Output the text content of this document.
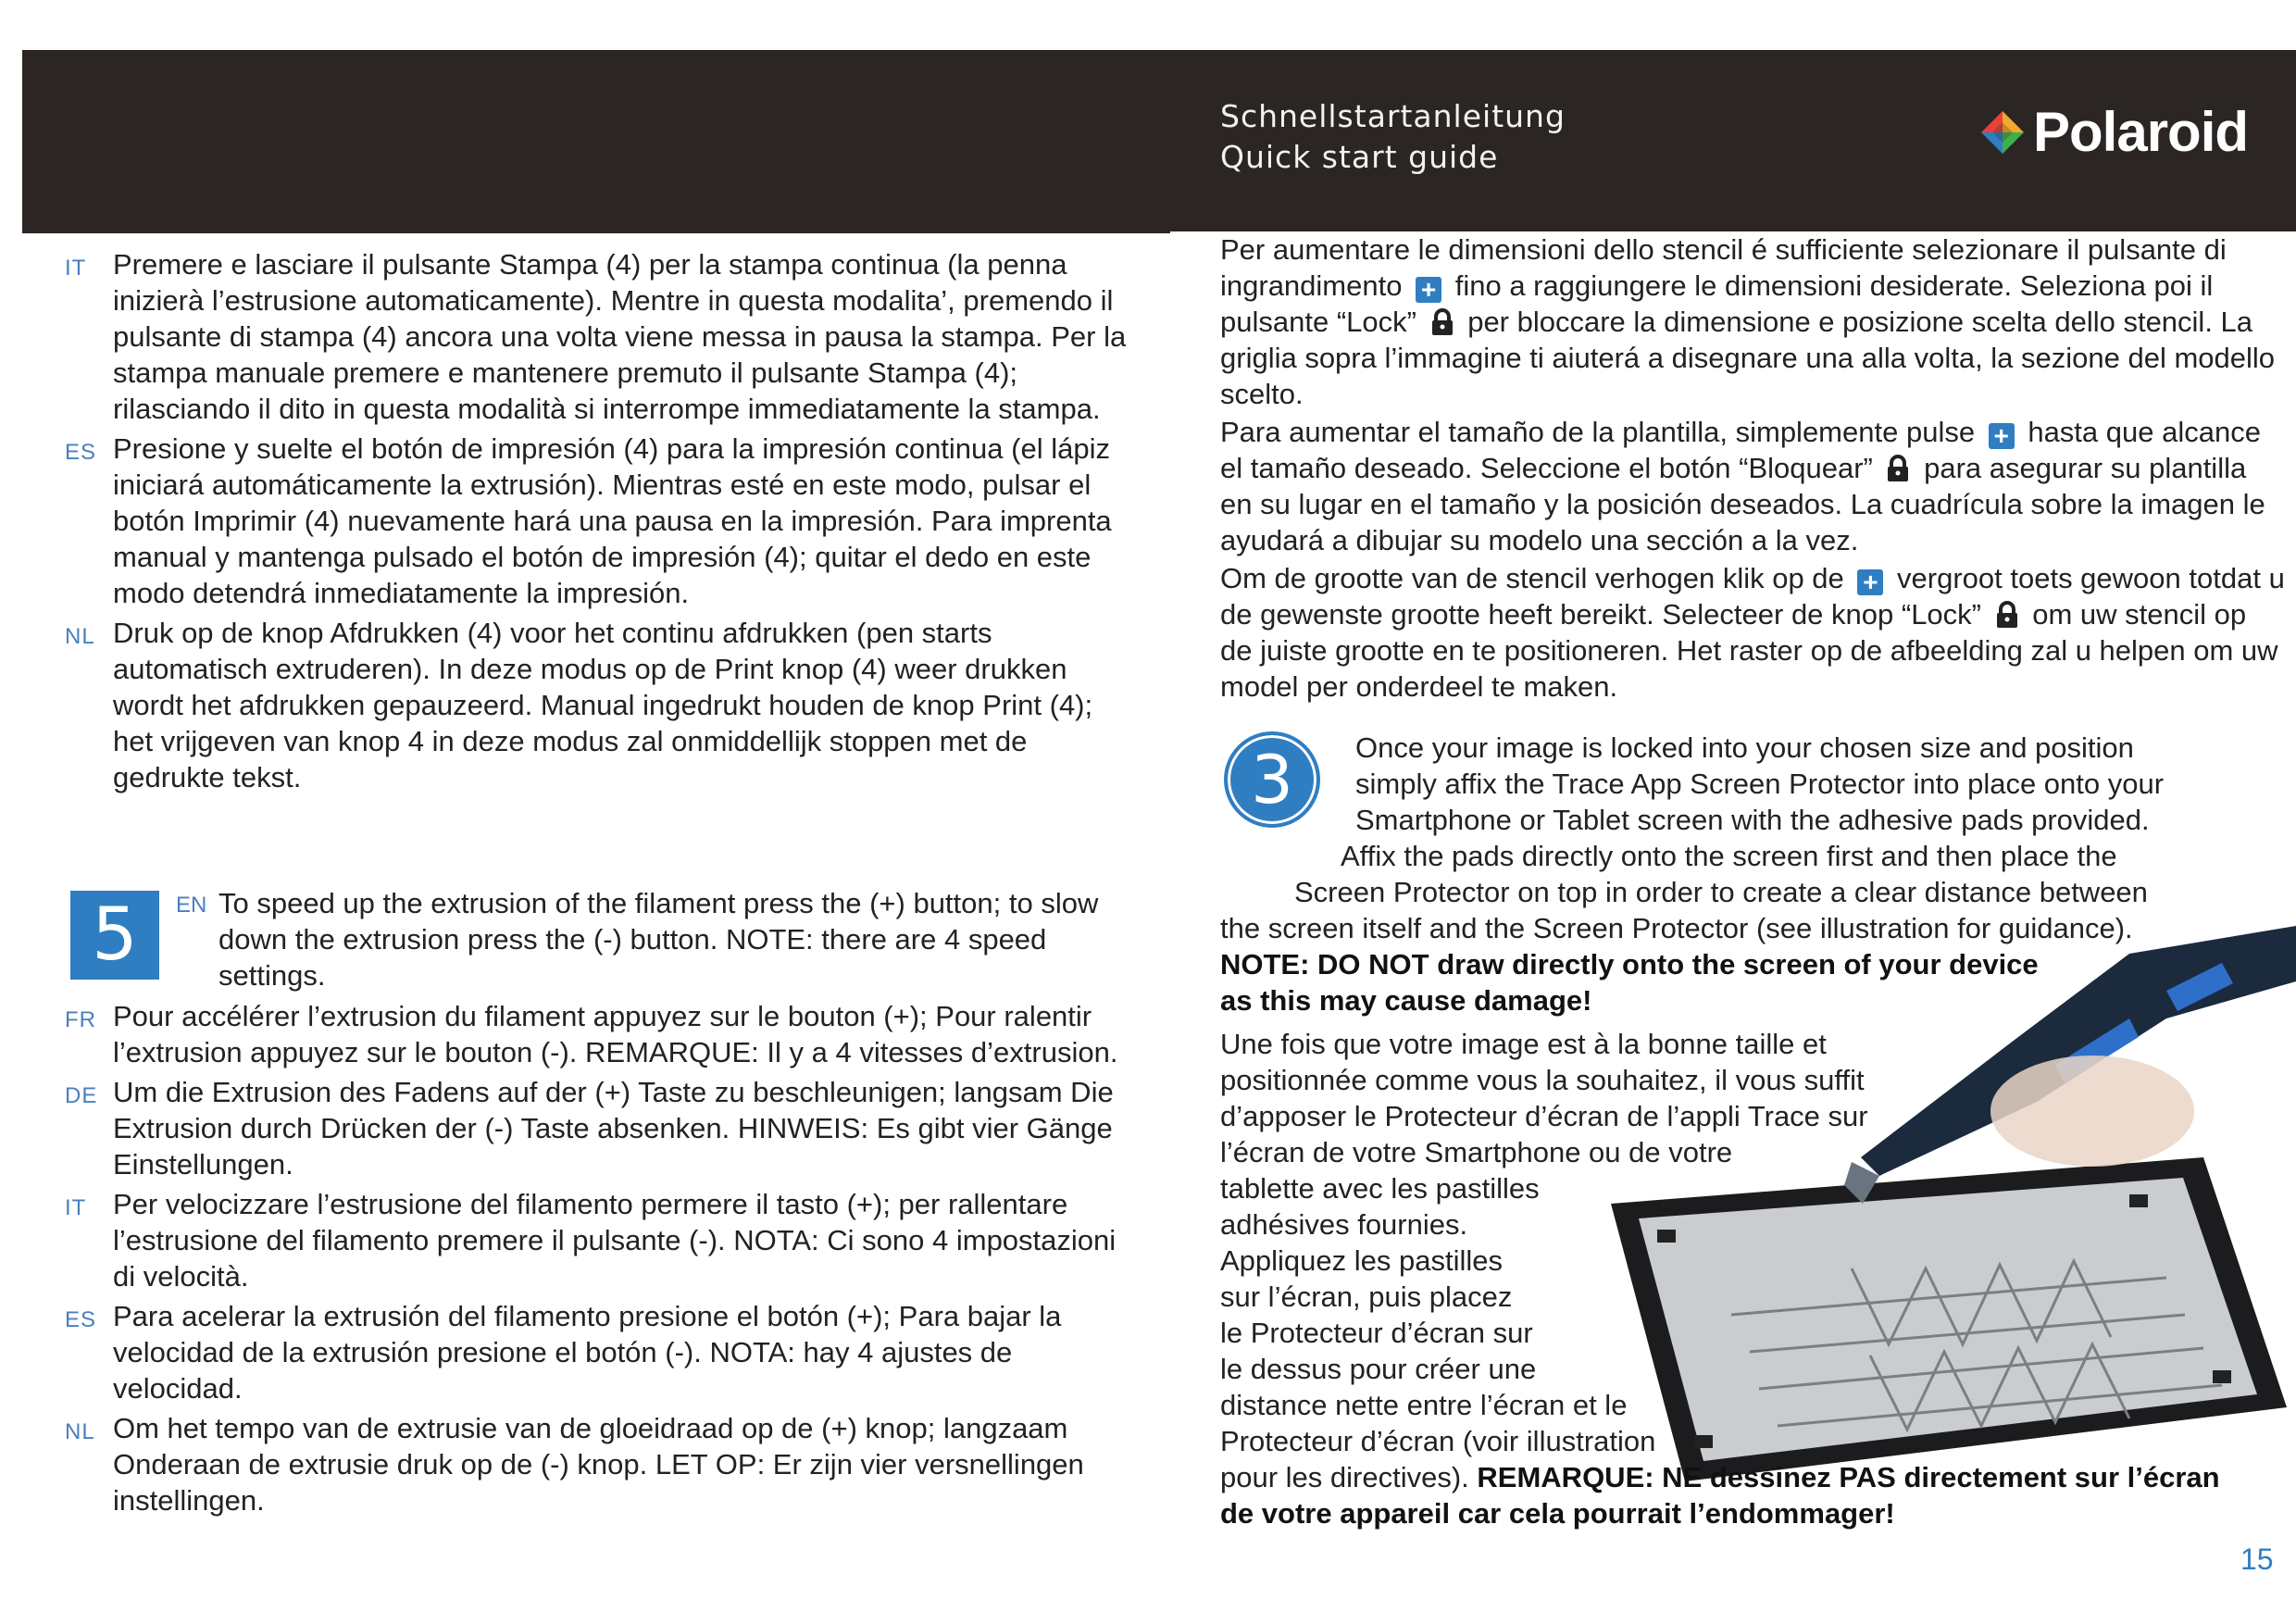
Schnellstartanleitung
Quick start guide	Polaroid

IT Premere e lasciare il pulsante Stampa (4) per la stampa continua (la penna inizierà l’estrusione automaticamente). Mentre in questa modalita’, premendo il pulsante di stampa (4) ancora una volta viene messa in pausa la stampa. Per la stampa manuale premere e mantenere premuto il pulsante Stampa (4); rilasciando il dito in questa modalità si interrompe immediatamente la stampa.

ES Presione y suelte el botón de impresión (4) para la impresión continua (el lápiz iniciará automáticamente la extrusión). Mientras esté en este modo, pulsar el botón Imprimir (4) nuevamente hará una pausa en la impresión. Para imprenta manual y mantenga pulsado el botón de impresión (4); quitar el dedo en este modo detendrá inmediatamente la impresión.

NL Druk op de knop Afdrukken (4) voor het continu afdrukken (pen starts automatisch extruderen). In deze modus op de Print knop (4) weer drukken wordt het afdrukken gepauzeerd. Manual ingedrukt houden de knop Print (4); het vrijgeven van knop 4 in deze modus zal onmiddellijk stoppen met de gedrukte tekst.

5	EN To speed up the extrusion of the filament press the (+) button; to slow down the extrusion press the (-) button. NOTE: there are 4 speed settings.

FR Pour accélérer l’extrusion du filament appuyez sur le bouton (+); Pour ralentir l’extrusion appuyez sur le bouton (-). REMARQUE: Il y a 4 vitesses d’extrusion.

DE Um die Extrusion des Fadens auf der (+) Taste zu beschleunigen; langsam Die Extrusion durch Drücken der (-) Taste absenken. HINWEIS: Es gibt vier Gänge Einstellungen.

IT Per velocizzare l’estrusione del filamento permere il tasto (+); per rallentare l’estrusione del filamento premere il pulsante (-). NOTA: Ci sono 4 impostazioni di velocità.

ES Para acelerar la extrusión del filamento presione el botón (+); Para bajar la velocidad de la extrusión presione el botón (-). NOTA: hay 4 ajustes de velocidad.

NL Om het tempo van de extrusie van de gloeidraad op de (+) knop; langzaam Onderaan de extrusie druk op de (-) knop. LET OP: Er zijn vier versnellingen instellingen.

Per aumentare le dimensioni dello stencil é sufficiente selezionare il pulsante di ingrandimento + fino a raggiungere le dimensioni desiderate. Seleziona poi il pulsante “Lock” per bloccare la dimensione e posizione scelta dello stencil. La griglia sopra l’immagine ti aiuterá a disegnare una alla volta, la sezione del modello scelto.

Para aumentar el tamaño de la plantilla, simplemente pulse + hasta que alcance el tamaño deseado. Seleccione el botón “Bloquear” para asegurar su plantilla en su lugar en el tamaño y la posición deseados. La cuadrícula sobre la imagen le ayudará a dibujar su modelo una sección a la vez.

Om de grootte van de stencil verhogen klik op de + vergroot toets gewoon totdat u de gewenste grootte heeft bereikt. Selecteer de knop “Lock” om uw stencil op de juiste grootte en te positioneren. Het raster op de afbeelding zal u helpen om uw model per onderdeel te maken.

3	Once your image is locked into your chosen size and position
simply affix the Trace App Screen Protector into place onto your
Smartphone or Tablet screen with the adhesive pads provided.
Affix the pads directly onto the screen first and then place the
Screen Protector on top in order to create a clear distance between
the screen itself and the Screen Protector (see illustration for guidance).
NOTE: DO NOT draw directly onto the screen of your device
as this may cause damage!
Une fois que votre image est à la bonne taille et
positionnée comme vous la souhaitez, il vous suffit
d’apposer le Protecteur d’écran de l’appli Trace sur
l’écran de votre Smartphone ou de votre
tablette avec les pastilles
adhésives fournies.
Appliquez les pastilles
sur l’écran, puis placez
le Protecteur d’écran sur
le dessus pour créer une
distance nette entre l’écran et le
Protecteur d’écran (voir illustration
pour les directives). REMARQUE: NE dessinez PAS directement sur l’écran
de votre appareil car cela pourrait l’endommager!
15
